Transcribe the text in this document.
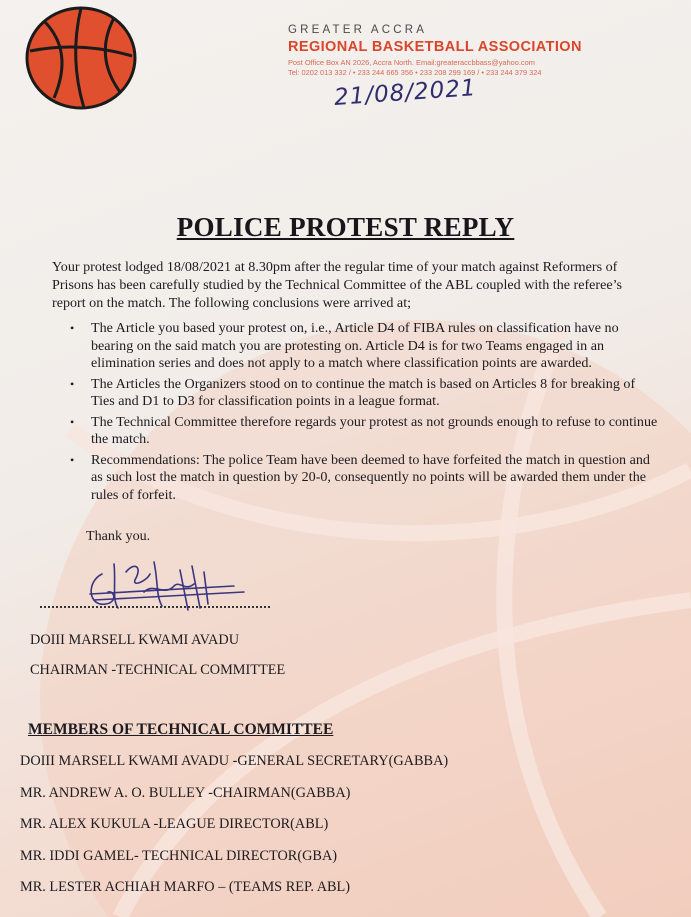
GREATER ACCRA
REGIONAL BASKETBALL ASSOCIATION
Post Office Box AN 2026, Accra North. Email:greateraccbbass@yahoo.com
Tel: 0202 013 332 / • 233 244 665 356 • 233 208 299 169 / • 233 244 379 324
21/08/2021
POLICE PROTEST REPLY

Your protest lodged 18/08/2021 at 8.30pm after the regular time of your match against Reformers of Prisons has been carefully studied by the Technical Committee of the ABL coupled with the referee’s report on the match. The following conclusions were arrived at;

• The Article you based your protest on, i.e., Article D4 of FIBA rules on classification have no bearing on the said match you are protesting on. Article D4 is for two Teams engaged in an elimination series and does not apply to a match where classification points are awarded.
• The Articles the Organizers stood on to continue the match is based on Articles 8 for breaking of Ties and D1 to D3 for classification points in a league format.
• The Technical Committee therefore regards your protest as not grounds enough to refuse to continue the match.
• Recommendations: The police Team have been deemed to have forfeited the match in question and as such lost the match in question by 20-0, consequently no points will be awarded them under the rules of forfeit.

Thank you.

DOIII MARSELL KWAMI AVADU

CHAIRMAN -TECHNICAL COMMITTEE

MEMBERS OF TECHNICAL COMMITTEE

DOIII MARSELL KWAMI AVADU -GENERAL SECRETARY(GABBA)
MR. ANDREW A. O. BULLEY -CHAIRMAN(GABBA)
MR. ALEX KUKULA -LEAGUE DIRECTOR(ABL)
MR. IDDI GAMEL- TECHNICAL DIRECTOR(GBA)
MR. LESTER ACHIAH MARFO – (TEAMS REP. ABL)
